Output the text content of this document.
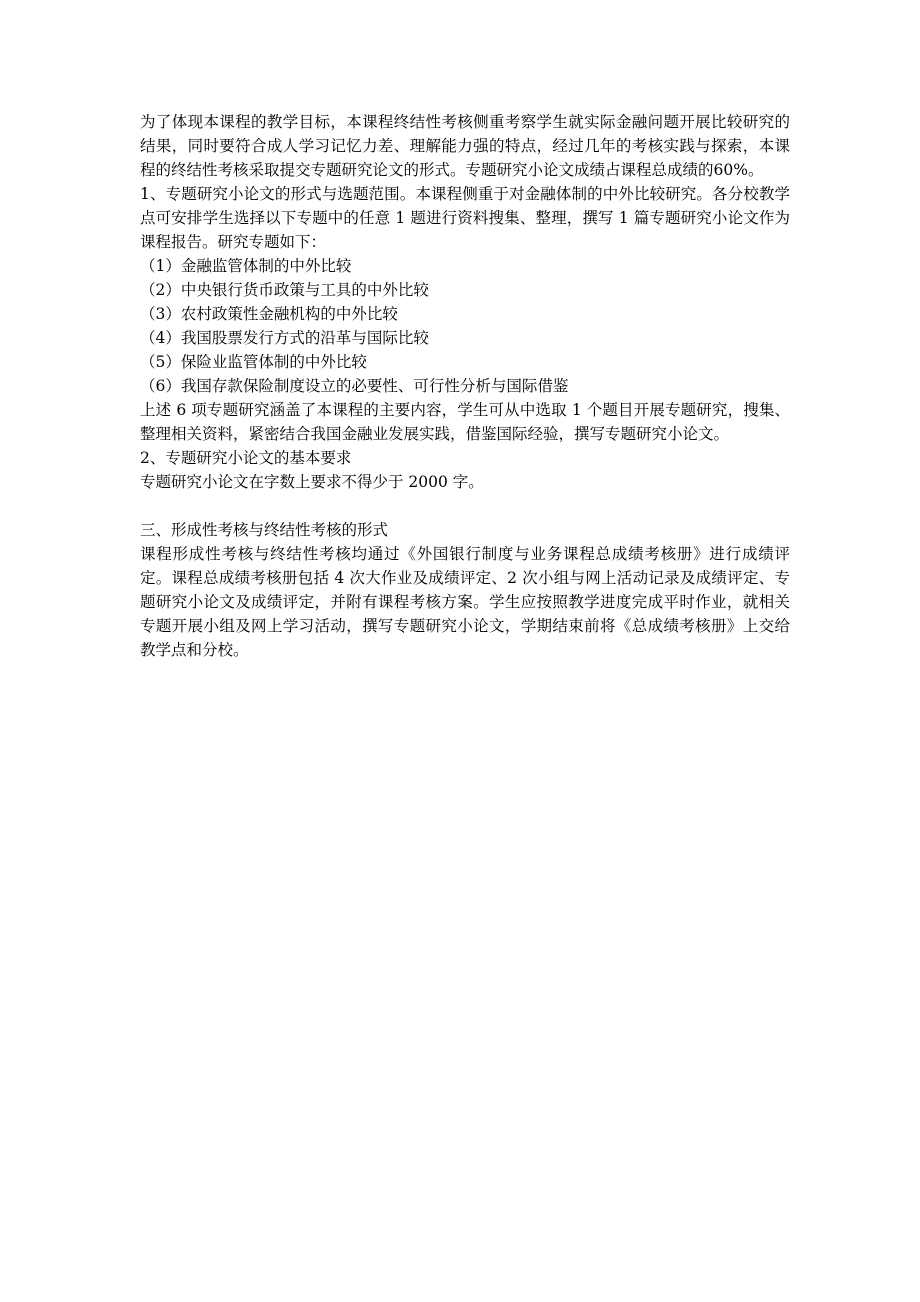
为了体现本课程的教学目标，本课程终结性考核侧重考察学生就实际金融问题开展比较研究的结果，同时要符合成人学习记忆力差、理解能力强的特点，经过几年的考核实践与探索，本课程的终结性考核采取提交专题研究论文的形式。专题研究小论文成绩占课程总成绩的60%。

1、专题研究小论文的形式与选题范围。本课程侧重于对金融体制的中外比较研究。各分校教学点可安排学生选择以下专题中的任意 1 题进行资料搜集、整理，撰写 1 篇专题研究小论文作为课程报告。研究专题如下：

（1）金融监管体制的中外比较

（2）中央银行货币政策与工具的中外比较

（3）农村政策性金融机构的中外比较

（4）我国股票发行方式的沿革与国际比较

（5）保险业监管体制的中外比较

（6）我国存款保险制度设立的必要性、可行性分析与国际借鉴

上述 6 项专题研究涵盖了本课程的主要内容，学生可从中选取 1 个题目开展专题研究，搜集、整理相关资料，紧密结合我国金融业发展实践，借鉴国际经验，撰写专题研究小论文。

2、专题研究小论文的基本要求

专题研究小论文在字数上要求不得少于 2000 字。

三、形成性考核与终结性考核的形式

课程形成性考核与终结性考核均通过《外国银行制度与业务课程总成绩考核册》进行成绩评定。课程总成绩考核册包括 4 次大作业及成绩评定、2 次小组与网上活动记录及成绩评定、专题研究小论文及成绩评定，并附有课程考核方案。学生应按照教学进度完成平时作业，就相关专题开展小组及网上学习活动，撰写专题研究小论文，学期结束前将《总成绩考核册》上交给教学点和分校。
